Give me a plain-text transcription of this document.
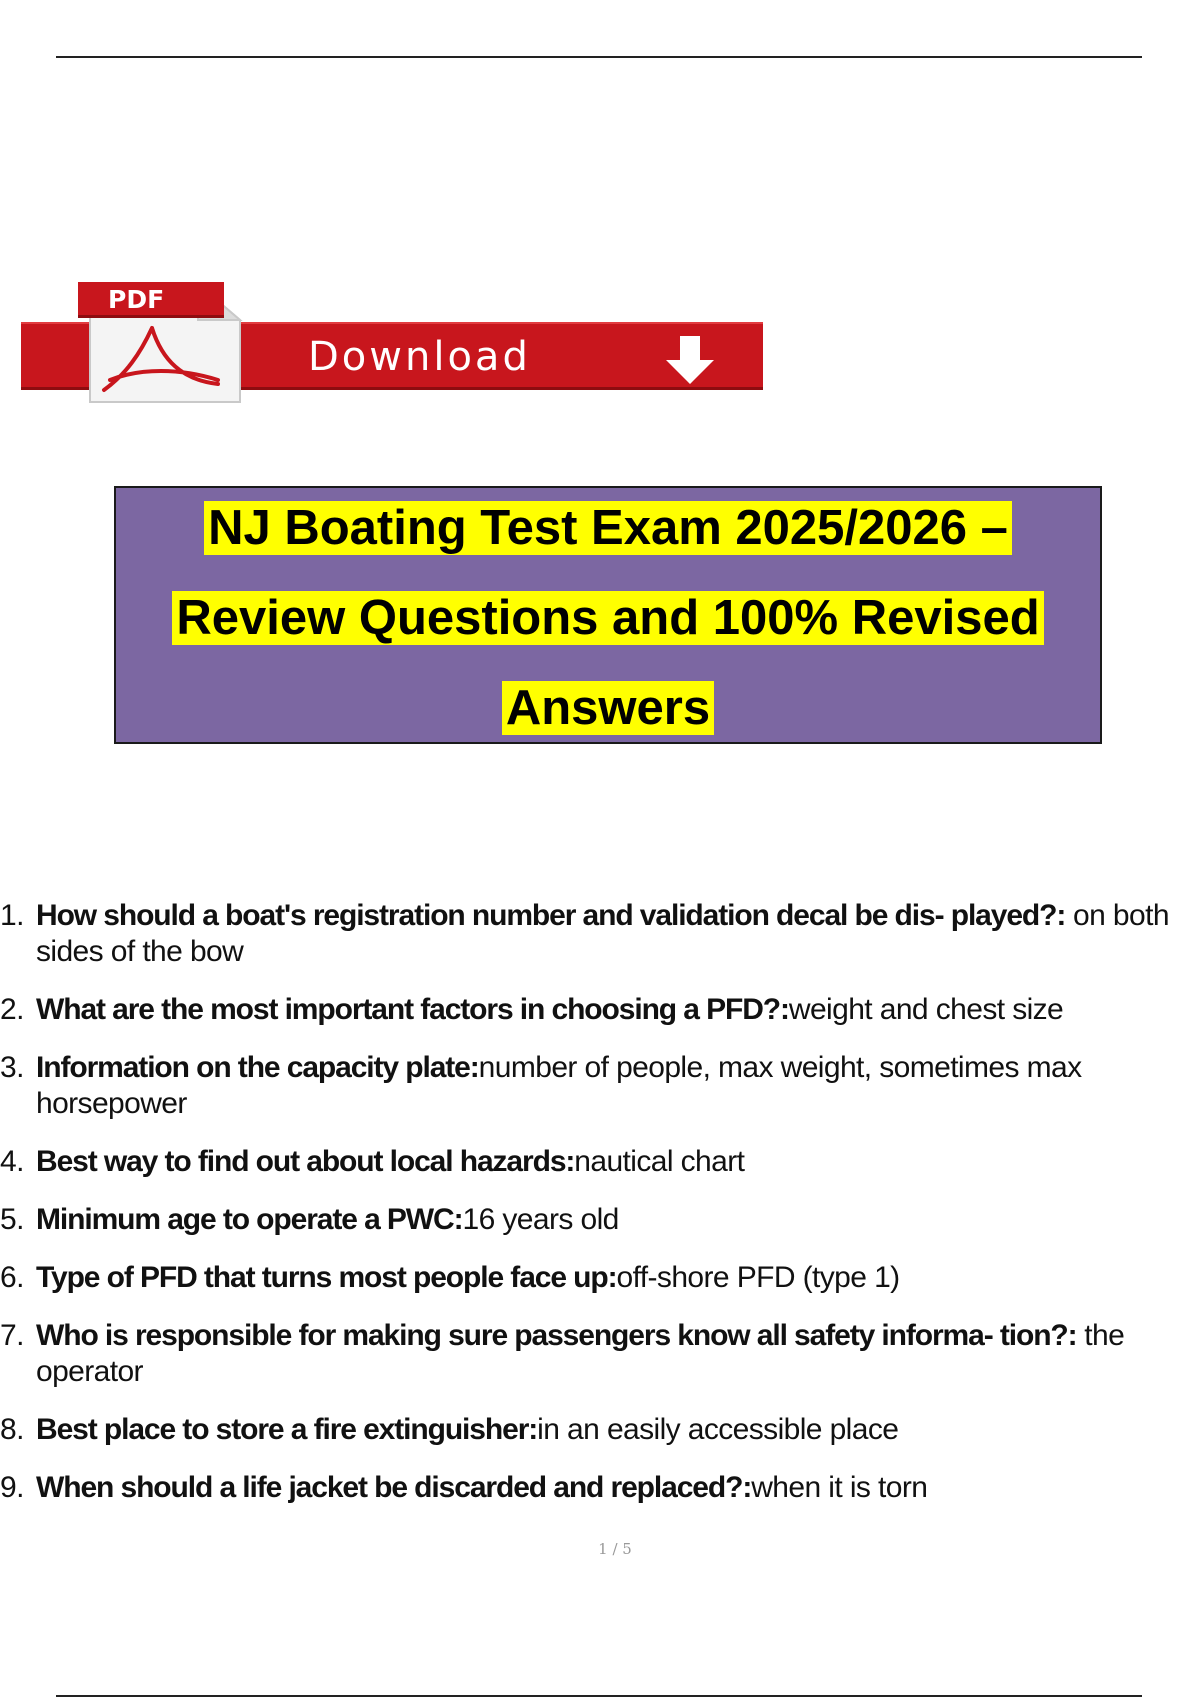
PDF
Download
NJ Boating Test Exam 2025/2026 –
Review Questions and 100% Revised
Answers
1. How should a boat's registration number and validation decal be dis- played?: on both sides of the bow
2. What are the most important factors in choosing a PFD?:weight and chest size
3. Information on the capacity plate:number of people, max weight, sometimes max horsepower
4. Best way to find out about local hazards:nautical chart
5. Minimum age to operate a PWC:16 years old
6. Type of PFD that turns most people face up:off-shore PFD (type 1)
7. Who is responsible for making sure passengers know all safety informa- tion?: the operator
8. Best place to store a fire extinguisher:in an easily accessible place
9. When should a life jacket be discarded and replaced?:when it is torn
1 / 5
